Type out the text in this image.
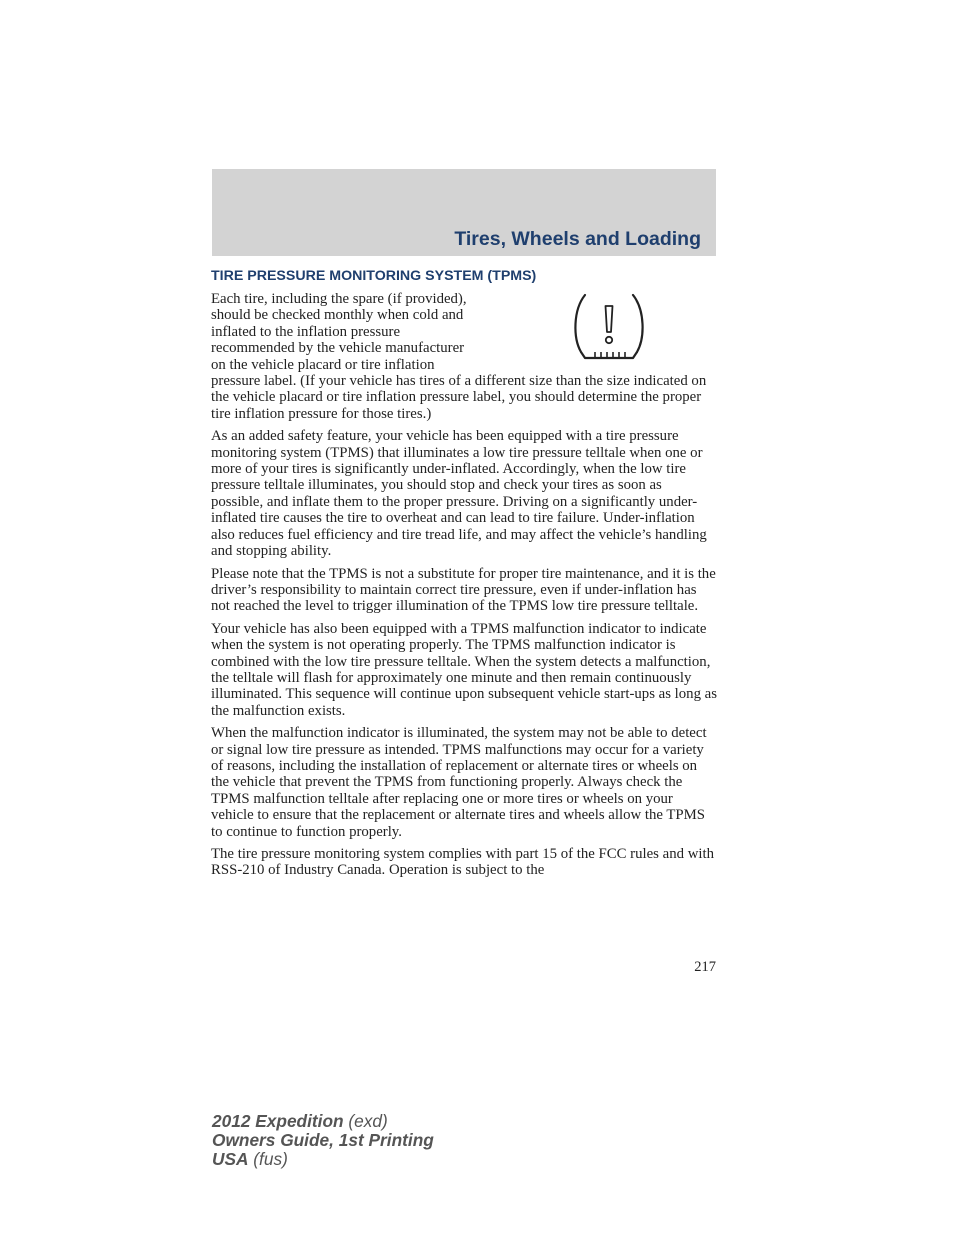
Tires, Wheels and Loading
TIRE PRESSURE MONITORING SYSTEM (TPMS)

Each tire, including the spare (if provided), should be checked monthly when cold and inflated to the inflation pressure recommended by the vehicle manufacturer on the vehicle placard or tire inflation pressure label. (If your vehicle has tires of a different size than the size indicated on the vehicle placard or tire inflation pressure label, you should determine the proper tire inflation pressure for those tires.)

As an added safety feature, your vehicle has been equipped with a tire pressure monitoring system (TPMS) that illuminates a low tire pressure telltale when one or more of your tires is significantly under-inflated. Accordingly, when the low tire pressure telltale illuminates, you should stop and check your tires as soon as possible, and inflate them to the proper pressure. Driving on a significantly under-inflated tire causes the tire to overheat and can lead to tire failure. Under-inflation also reduces fuel efficiency and tire tread life, and may affect the vehicle’s handling and stopping ability.

Please note that the TPMS is not a substitute for proper tire maintenance, and it is the driver’s responsibility to maintain correct tire pressure, even if under-inflation has not reached the level to trigger illumination of the TPMS low tire pressure telltale.

Your vehicle has also been equipped with a TPMS malfunction indicator to indicate when the system is not operating properly. The TPMS malfunction indicator is combined with the low tire pressure telltale. When the system detects a malfunction, the telltale will flash for approximately one minute and then remain continuously illuminated. This sequence will continue upon subsequent vehicle start-ups as long as the malfunction exists.

When the malfunction indicator is illuminated, the system may not be able to detect or signal low tire pressure as intended. TPMS malfunctions may occur for a variety of reasons, including the installation of replacement or alternate tires or wheels on the vehicle that prevent the TPMS from functioning properly. Always check the TPMS malfunction telltale after replacing one or more tires or wheels on your vehicle to ensure that the replacement or alternate tires and wheels allow the TPMS to continue to function properly.

The tire pressure monitoring system complies with part 15 of the FCC rules and with RSS-210 of Industry Canada. Operation is subject to the

217
2012 Expedition (exd)
Owners Guide, 1st Printing
USA (fus)
